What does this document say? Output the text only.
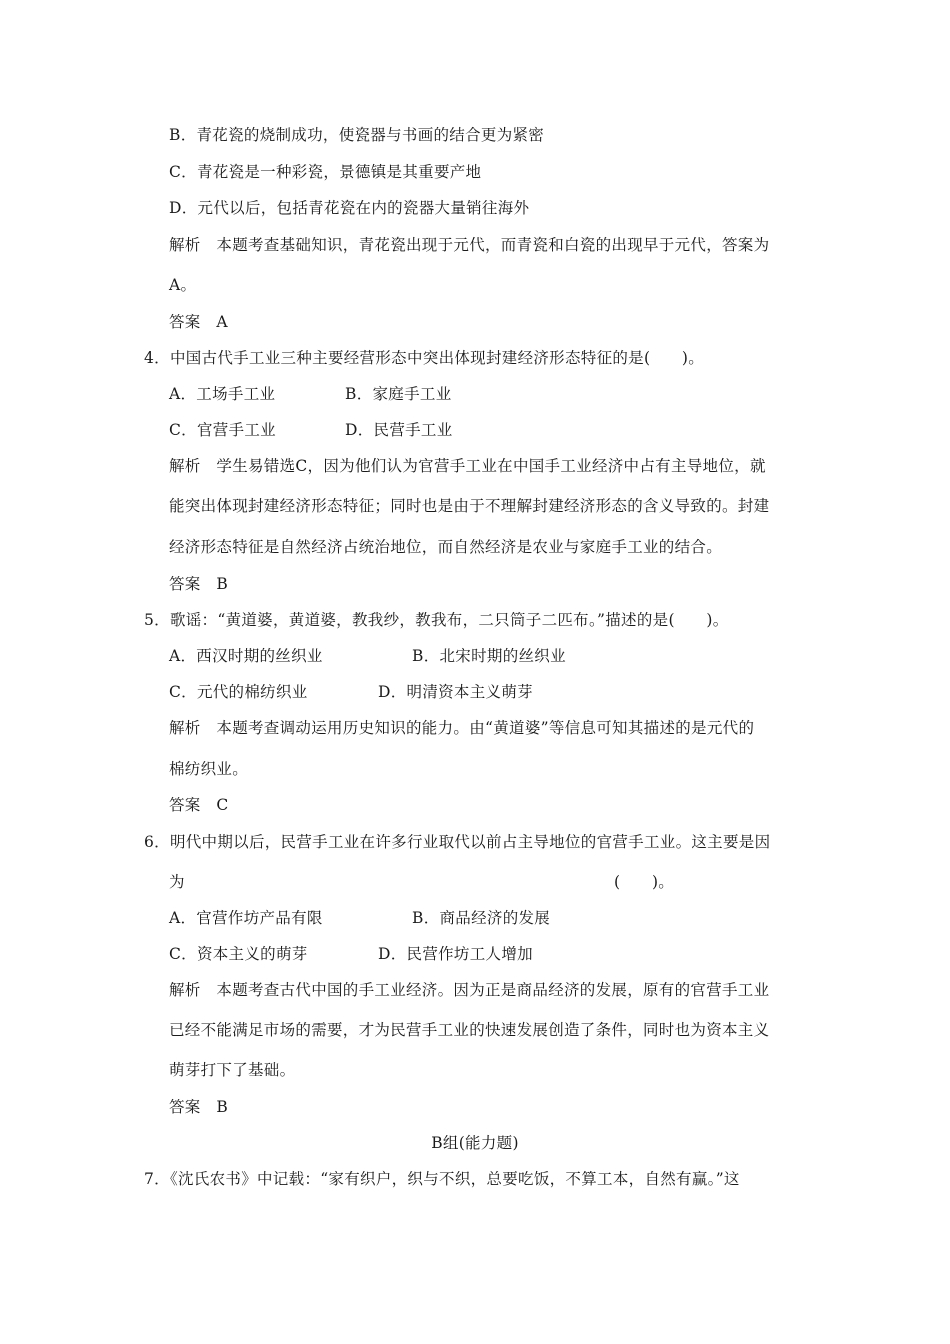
B．青花瓷的烧制成功，使瓷器与书画的结合更为紧密
C．青花瓷是一种彩瓷，景德镇是其重要产地
D．元代以后，包括青花瓷在内的瓷器大量销往海外
解析　本题考查基础知识，青花瓷出现于元代，而青瓷和白瓷的出现早于元代，答案为
A。
答案　A
4．中国古代手工业三种主要经营形态中突出体现封建经济形态特征的是(　　)。
A．工场手工业	B．家庭手工业
C．官营手工业	D．民营手工业
解析　学生易错选C，因为他们认为官营手工业在中国手工业经济中占有主导地位，就
能突出体现封建经济形态特征；同时也是由于不理解封建经济形态的含义导致的。封建
经济形态特征是自然经济占统治地位，而自然经济是农业与家庭手工业的结合。
答案　B
5．歌谣：“黄道婆，黄道婆，教我纱，教我布，二只筒子二匹布。”描述的是(　　)。
A．西汉时期的丝织业	B．北宋时期的丝织业
C．元代的棉纺织业	D．明清资本主义萌芽
解析　本题考查调动运用历史知识的能力。由“黄道婆”等信息可知其描述的是元代的
棉纺织业。
答案　C
6．明代中期以后，民营手工业在许多行业取代以前占主导地位的官营手工业。这主要是因
为	(　　)。
A．官营作坊产品有限	B．商品经济的发展
C．资本主义的萌芽	D．民营作坊工人增加
解析　本题考查古代中国的手工业经济。因为正是商品经济的发展，原有的官营手工业
已经不能满足市场的需要，才为民营手工业的快速发展创造了条件，同时也为资本主义
萌芽打下了基础。
答案　B
B组(能力题)
7．《沈氏农书》中记载：“家有织户，织与不织，总要吃饭，不算工本，自然有赢。”这
